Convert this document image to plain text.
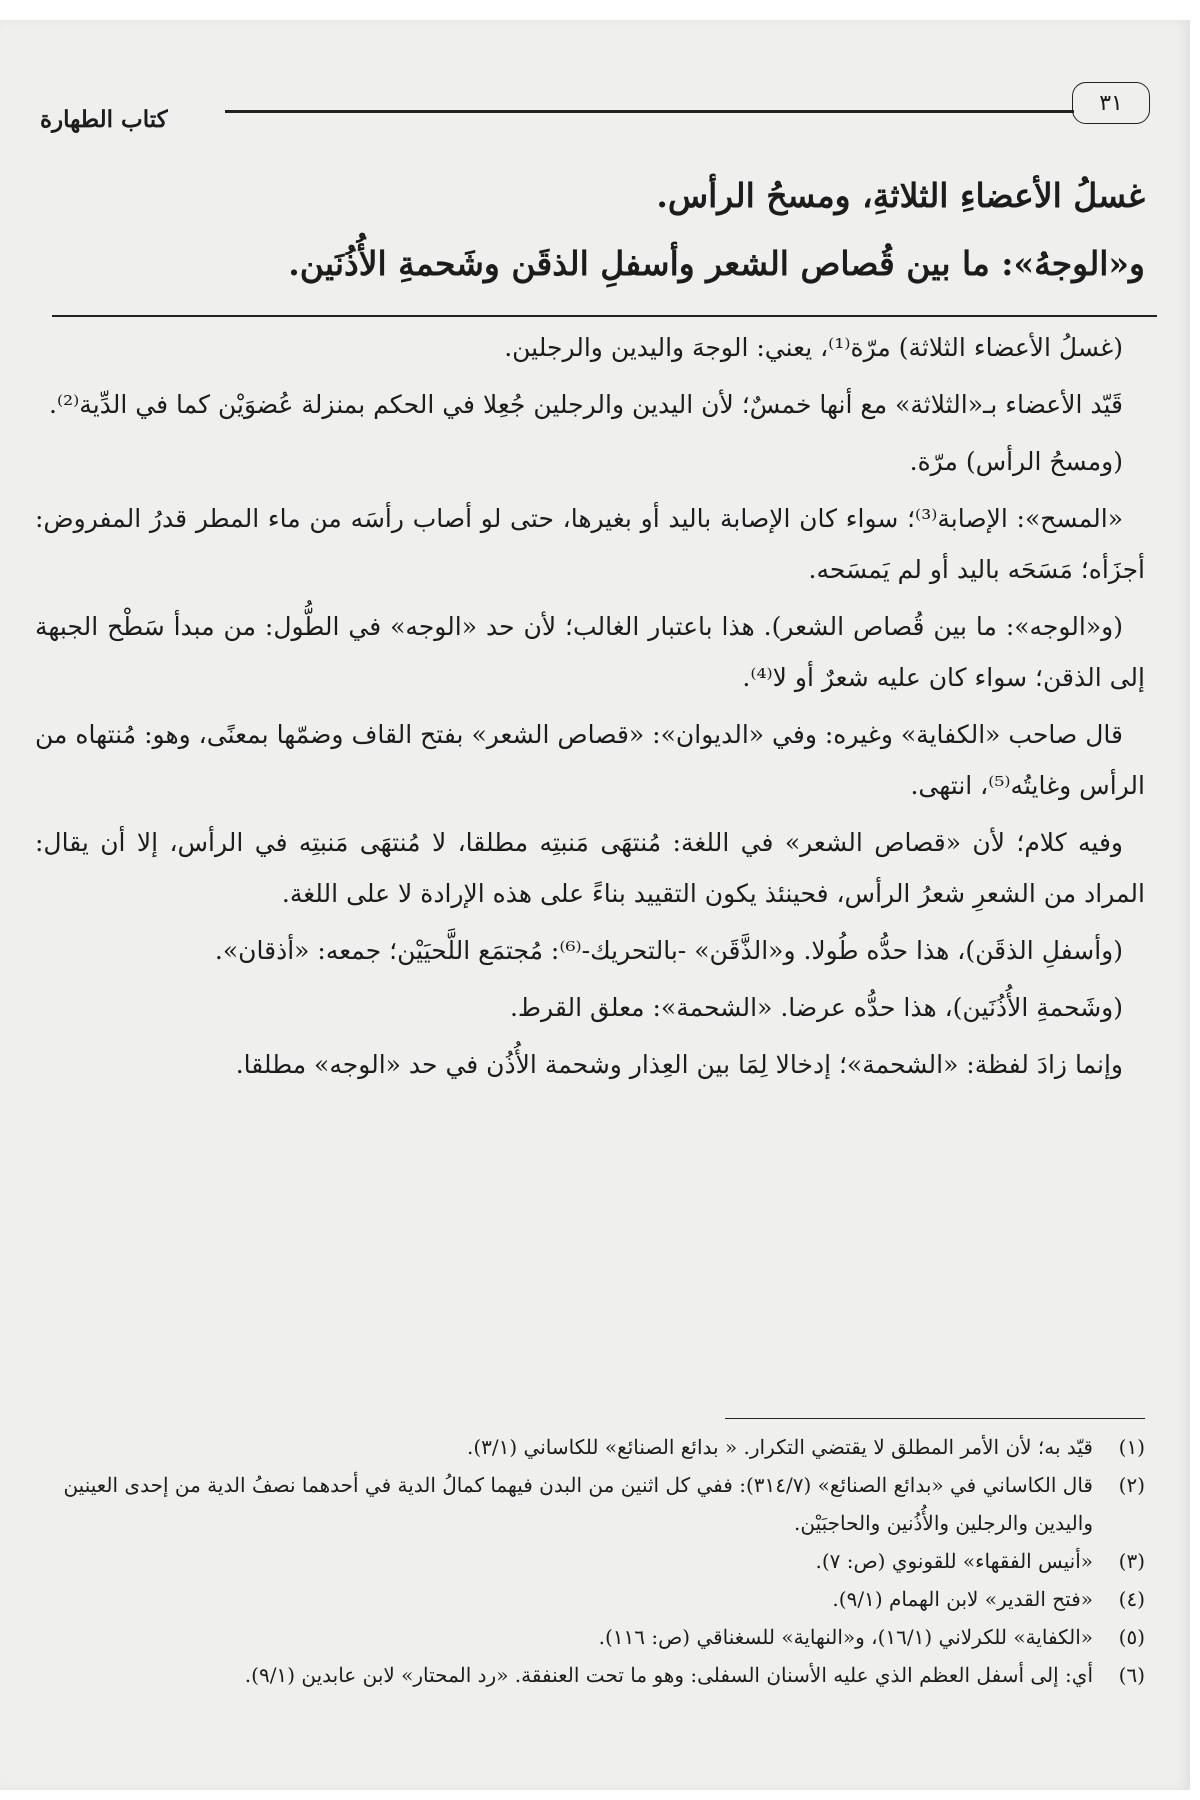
٣١
كتاب الطهارة

غسلُ الأعضاءِ الثلاثةِ، ومسحُ الرأس.

و«الوجهُ»: ما بين قُصاص الشعر وأسفلِ الذقَن وشَحمةِ الأُذُنَين.

(غسلُ الأعضاء الثلاثة) مرّة⁽¹⁾، يعني: الوجهَ واليدين والرجلين.

قَيّد الأعضاء بـ«الثلاثة» مع أنها خمسٌ؛ لأن اليدين والرجلين جُعِلا في الحكم بمنزلة عُضوَيْن كما في الدِّية⁽²⁾.

(ومسحُ الرأس) مرّة.

«المسح»: الإصابة⁽³⁾؛ سواء كان الإصابة باليد أو بغيرها، حتى لو أصاب رأسَه من ماء المطر قدرُ المفروض: أجزَأه؛ مَسَحَه باليد أو لم يَمسَحه.

(و«الوجه»: ما بين قُصاص الشعر). هذا باعتبار الغالب؛ لأن حد «الوجه» في الطُّول: من مبدأ سَطْح الجبهة إلى الذقن؛ سواء كان عليه شعرٌ أو لا⁽⁴⁾.

قال صاحب «الكفاية» وغيره: وفي «الديوان»: «قصاص الشعر» بفتح القاف وضمّها بمعنًى، وهو: مُنتهاه من الرأس وغايتُه⁽⁵⁾، انتهى.

وفيه كلام؛ لأن «قصاص الشعر» في اللغة: مُنتهَى مَنبتِه مطلقا، لا مُنتهَى مَنبتِه في الرأس، إلا أن يقال: المراد من الشعرِ شعرُ الرأس، فحينئذ يكون التقييد بناءً على هذه الإرادة لا على اللغة.

(وأسفلِ الذقَن)، هذا حدُّه طُولا. و«الذَّقَن» -بالتحريك-⁽⁶⁾: مُجتمَع اللَّحيَيْن؛ جمعه: «أذقان».

(وشَحمةِ الأُذُنَين)، هذا حدُّه عرضا. «الشحمة»: معلق القرط.

وإنما زادَ لفظة: «الشحمة»؛ إدخالا لِمَا بين العِذار وشحمة الأُذُن في حد «الوجه» مطلقا.

(١)
قيّد به؛ لأن الأمر المطلق لا يقتضي التكرار. « بدائع الصنائع» للكاساني (٣/١).
(٢)
قال الكاساني في «بدائع الصنائع» (٣١٤/٧): ففي كل اثنين من البدن فيهما كمالُ الدية في أحدهما نصفُ الدية من إحدى العينين واليدين والرجلين والأُذُنين والحاجبَيْن.
(٣)
«أنيس الفقهاء» للقونوي (ص: ٧).
(٤)
«فتح القدير» لابن الهمام (٩/١).
(٥)
«الكفاية» للكرلاني (١٦/١)، و«النهاية» للسغناقي (ص: ١١٦).
(٦)
أي: إلى أسفل العظم الذي عليه الأسنان السفلى: وهو ما تحت العنفقة. «رد المحتار» لابن عابدين (٩/١).
